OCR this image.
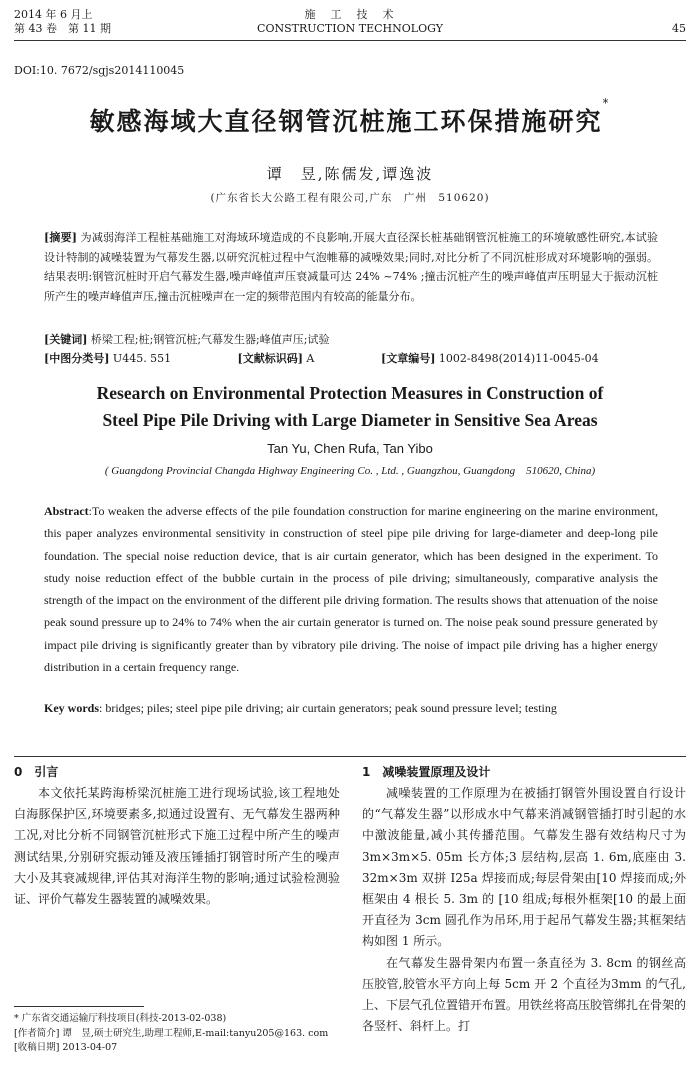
2014 年 6 月上
第 43 卷　第 11 期
施　工　技　术
CONSTRUCTION TECHNOLOGY	45
DOI:10. 7672/sgjs2014110045
敏感海域大直径钢管沉桩施工环保措施研究*
谭　昱,陈儒发,谭逸波
(广东省长大公路工程有限公司,广东　广州　510620)
[摘要] 为减弱海洋工程桩基础施工对海域环境造成的不良影响,开展大直径深长桩基础钢管沉桩施工的环境敏感性研究,本试验设计特制的减噪装置为气幕发生器,以研究沉桩过程中气泡帷幕的减噪效果;同时,对比分析了不同沉桩形成对环境影响的强弱。结果表明:钢管沉桩时开启气幕发生器,噪声峰值声压衰减量可达 24% ~74% ;撞击沉桩产生的噪声峰值声压明显大于振动沉桩所产生的噪声峰值声压,撞击沉桩噪声在一定的频带范围内有较高的能量分布。
[关键词] 桥梁工程;桩;钢管沉桩;气幕发生器;峰值声压;试验
[中图分类号] U445. 551	[文献标识码] A	[文章编号] 1002-8498(2014)11-0045-04
Research on Environmental Protection Measures in Construction of
Steel Pipe Pile Driving with Large Diameter in Sensitive Sea Areas
Tan Yu, Chen Rufa, Tan Yibo
( Guangdong Provincial Changda Highway Engineering Co. , Ltd. , Guangzhou, Guangdong　510620, China)
Abstract:To weaken the adverse effects of the pile foundation construction for marine engineering on the marine environment, this paper analyzes environmental sensitivity in construction of steel pipe pile driving for large-diameter and deep-long pile foundation. The special noise reduction device, that is air curtain generator, which has been designed in the experiment. To study noise reduction effect of the bubble curtain in the process of pile driving; simultaneously, comparative analysis the strength of the impact on the environment of the different pile driving formation. The results shows that attenuation of the noise peak sound pressure up to 24% to 74% when the air curtain generator is turned on. The noise peak sound pressure generated by impact pile driving is significantly greater than by vibratory pile driving. The noise of impact pile driving has a higher energy distribution in a certain frequency range.
Key words: bridges; piles; steel pipe pile driving; air curtain generators; peak sound pressure level; testing
0　引言

本文依托某跨海桥梁沉桩施工进行现场试验,该工程地处白海豚保护区,环境要素多,拟通过设置有、无气幕发生器两种工况,对比分析不同钢管沉桩形式下施工过程中所产生的噪声测试结果,分别研究振动锤及液压锤插打钢管时所产生的噪声大小及其衰减规律,评估其对海洋生物的影响;通过试验检测验证、评价气幕发生器装置的减噪效果。

* 广东省交通运输厅科技项目(科技-2013-02-038)
[作者简介] 谭　昱,硕士研究生,助理工程师,E-mail:tanyu205@163. com
[收稿日期] 2013-04-07
1　减噪装置原理及设计

减噪装置的工作原理为在被插打钢管外围设置自行设计的“气幕发生器”以形成水中气幕来消减钢管插打时引起的水中激波能量,减小其传播范围。气幕发生器有效结构尺寸为 3m×3m×5. 05m 长方体;3 层结构,层高 1. 6m,底座由 3. 32m×3m 双拼 I25a 焊接而成;每层骨架由[10 焊接而成;外框架由 4 根长 5. 3m 的 [10 组成;每根外框架[10 的最上面开直径为 3cm 圆孔作为吊环,用于起吊气幕发生器;其框架结构如图 1 所示。

在气幕发生器骨架内布置一条直径为 3. 8cm 的钢丝高压胶管,胶管水平方向上每 5cm 开 2 个直径为3mm 的气孔,上、下层气孔位置错开布置。用铁丝将高压胶管绑扎在骨架的各竖杆、斜杆上。打
